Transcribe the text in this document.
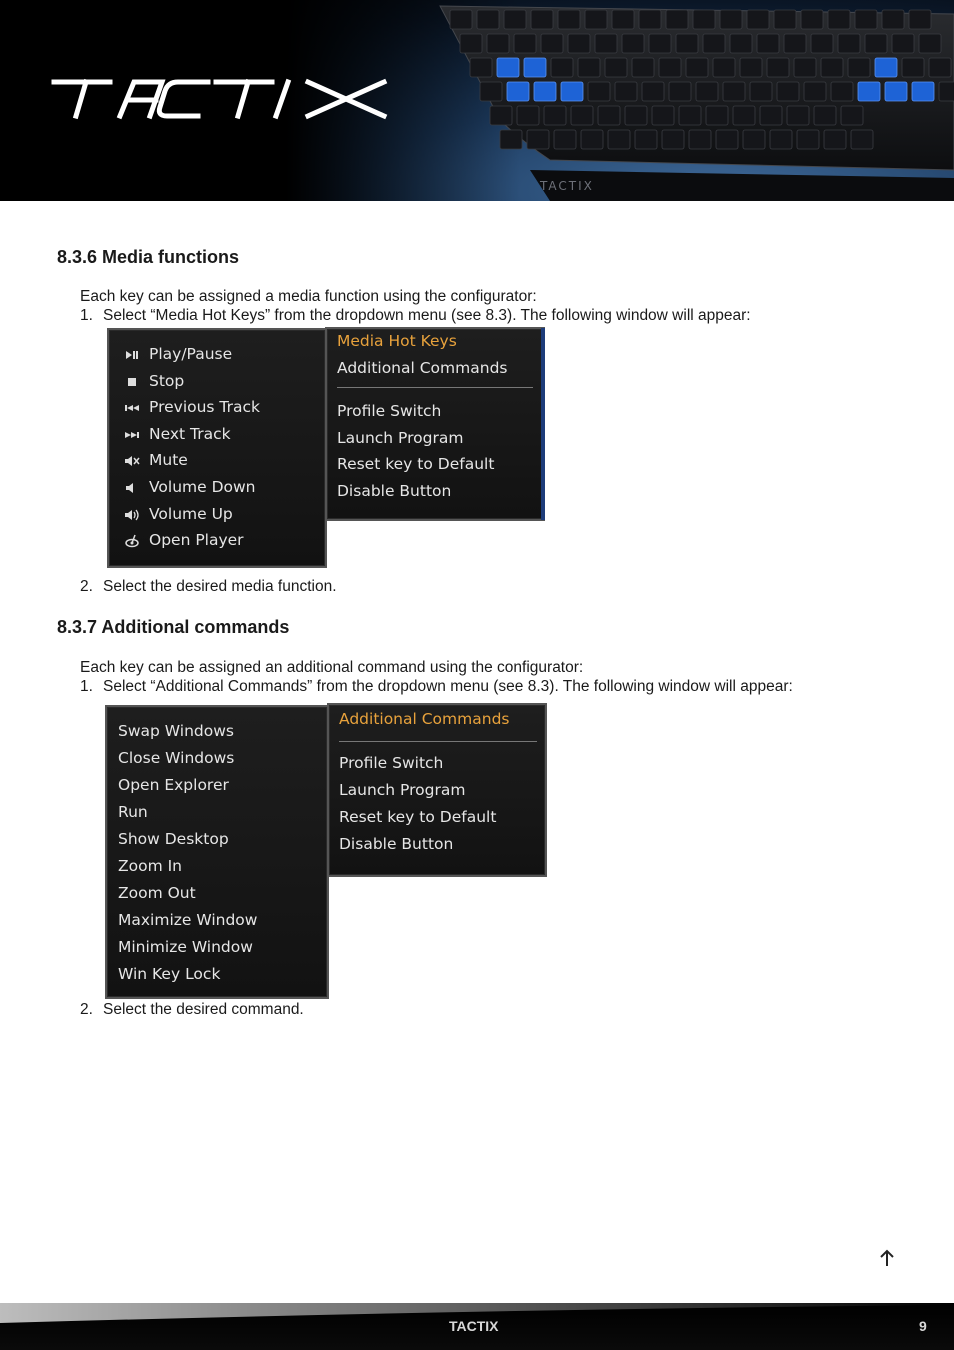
TACTIX
8.3.6 Media functions

Each key can be assigned a media function using the configurator:

1. Select “Media Hot Keys” from the dropdown menu (see 8.3). The following window will appear:
Play/Pause
Stop
Previous Track
Next Track
Mute
Volume Down
Volume Up
Open Player
Media Hot Keys
Additional Commands
Profile Switch
Launch Program
Reset key to Default
Disable Button
2. Select the desired media function.
8.3.7 Additional commands

Each key can be assigned an additional command using the configurator:

1. Select “Additional Commands” from the dropdown menu (see 8.3). The following window will appear:
Swap Windows
Close Windows
Open Explorer
Run
Show Desktop
Zoom In
Zoom Out
Maximize Window
Minimize Window
Win Key Lock
Additional Commands
Profile Switch
Launch Program
Reset key to Default
Disable Button
2. Select the desired command.
TACTIX	9
